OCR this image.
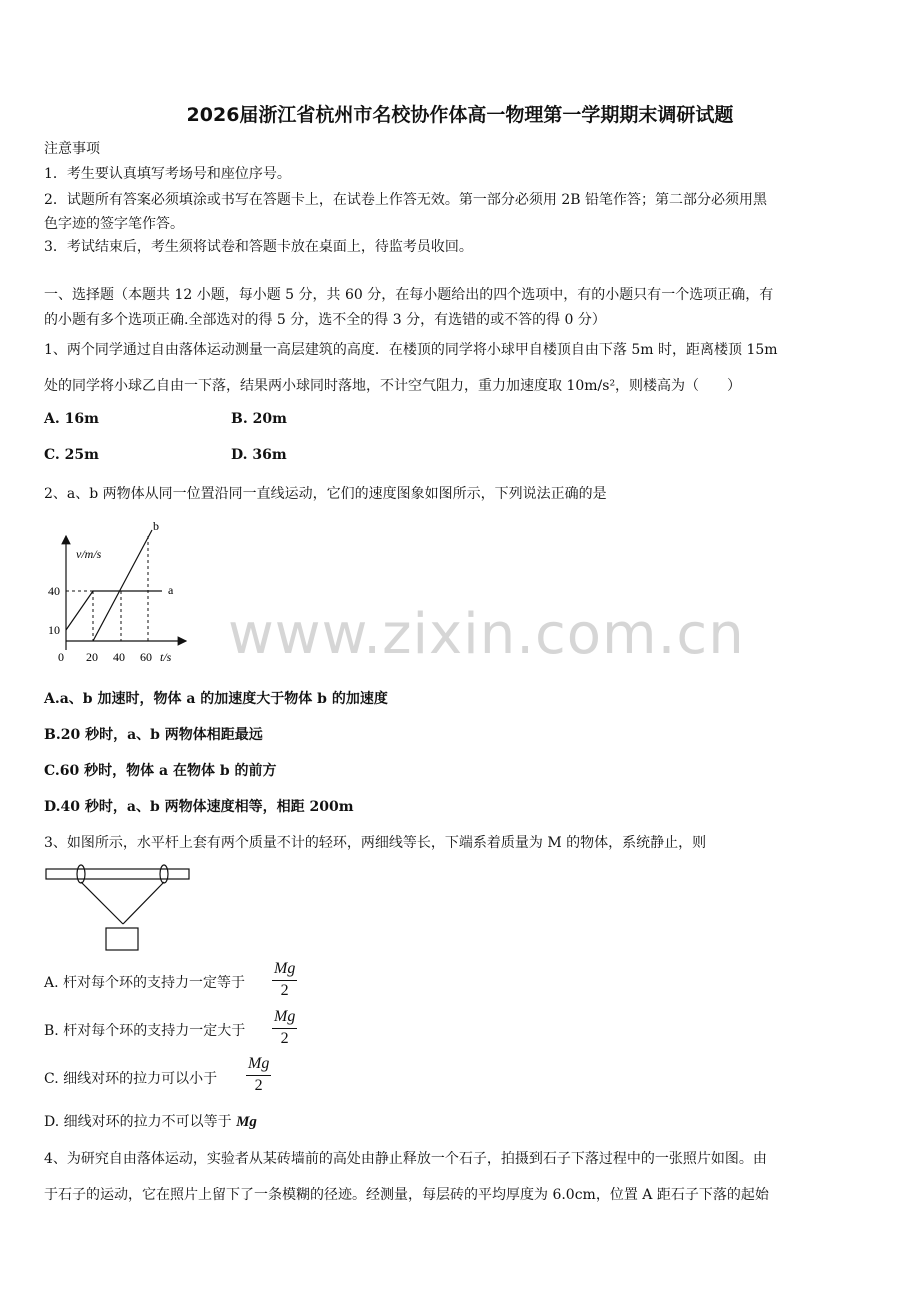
2026届浙江省杭州市名校协作体高一物理第一学期期末调研试题
注意事项
1．考生要认真填写考场号和座位序号。
2．试题所有答案必须填涂或书写在答题卡上，在试卷上作答无效。第一部分必须用 2B 铅笔作答；第二部分必须用黑
色字迹的签字笔作答。
3．考试结束后，考生须将试卷和答题卡放在桌面上，待监考员收回。
一、选择题（本题共 12 小题，每小题 5 分，共 60 分，在每小题给出的四个选项中，有的小题只有一个选项正确，有
的小题有多个选项正确.全部选对的得 5 分，选不全的得 3 分，有选错的或不答的得 0 分）
1、两个同学通过自由落体运动测量一高层建筑的高度．在楼顶的同学将小球甲自楼顶自由下落 5m 时，距离楼顶 15m
处的同学将小球乙自由一下落，结果两小球同时落地，不计空气阻力，重力加速度取 10m/s²，则楼高为（　　）
A. 16m	B. 20m
C. 25m	D. 36m
2、a、b 两物体从同一位置沿同一直线运动，它们的速度图象如图所示，下列说法正确的是
v/m/s
t/s
40
10
0 20 40 60
a
b
A.a、b 加速时，物体 a 的加速度大于物体 b 的加速度
B.20 秒时，a、b 两物体相距最远
C.60 秒时，物体 a 在物体 b 的前方
D.40 秒时，a、b 两物体速度相等，相距 200m
3、如图所示，水平杆上套有两个质量不计的轻环，两细线等长，下端系着质量为 M 的物体，系统静止，则
A. 杆对每个环的支持力一定等于 $\frac{Mg}{2}$
B. 杆对每个环的支持力一定大于 $\frac{Mg}{2}$
C. 细线对环的拉力可以小于 $\frac{Mg}{2}$
D. 细线对环的拉力不可以等于 Mg
4、为研究自由落体运动，实验者从某砖墙前的高处由静止释放一个石子，拍摄到石子下落过程中的一张照片如图。由
于石子的运动，它在照片上留下了一条模糊的径迹。经测量，每层砖的平均厚度为 6.0cm，位置 A 距石子下落的起始
www.zixin.com.cn
